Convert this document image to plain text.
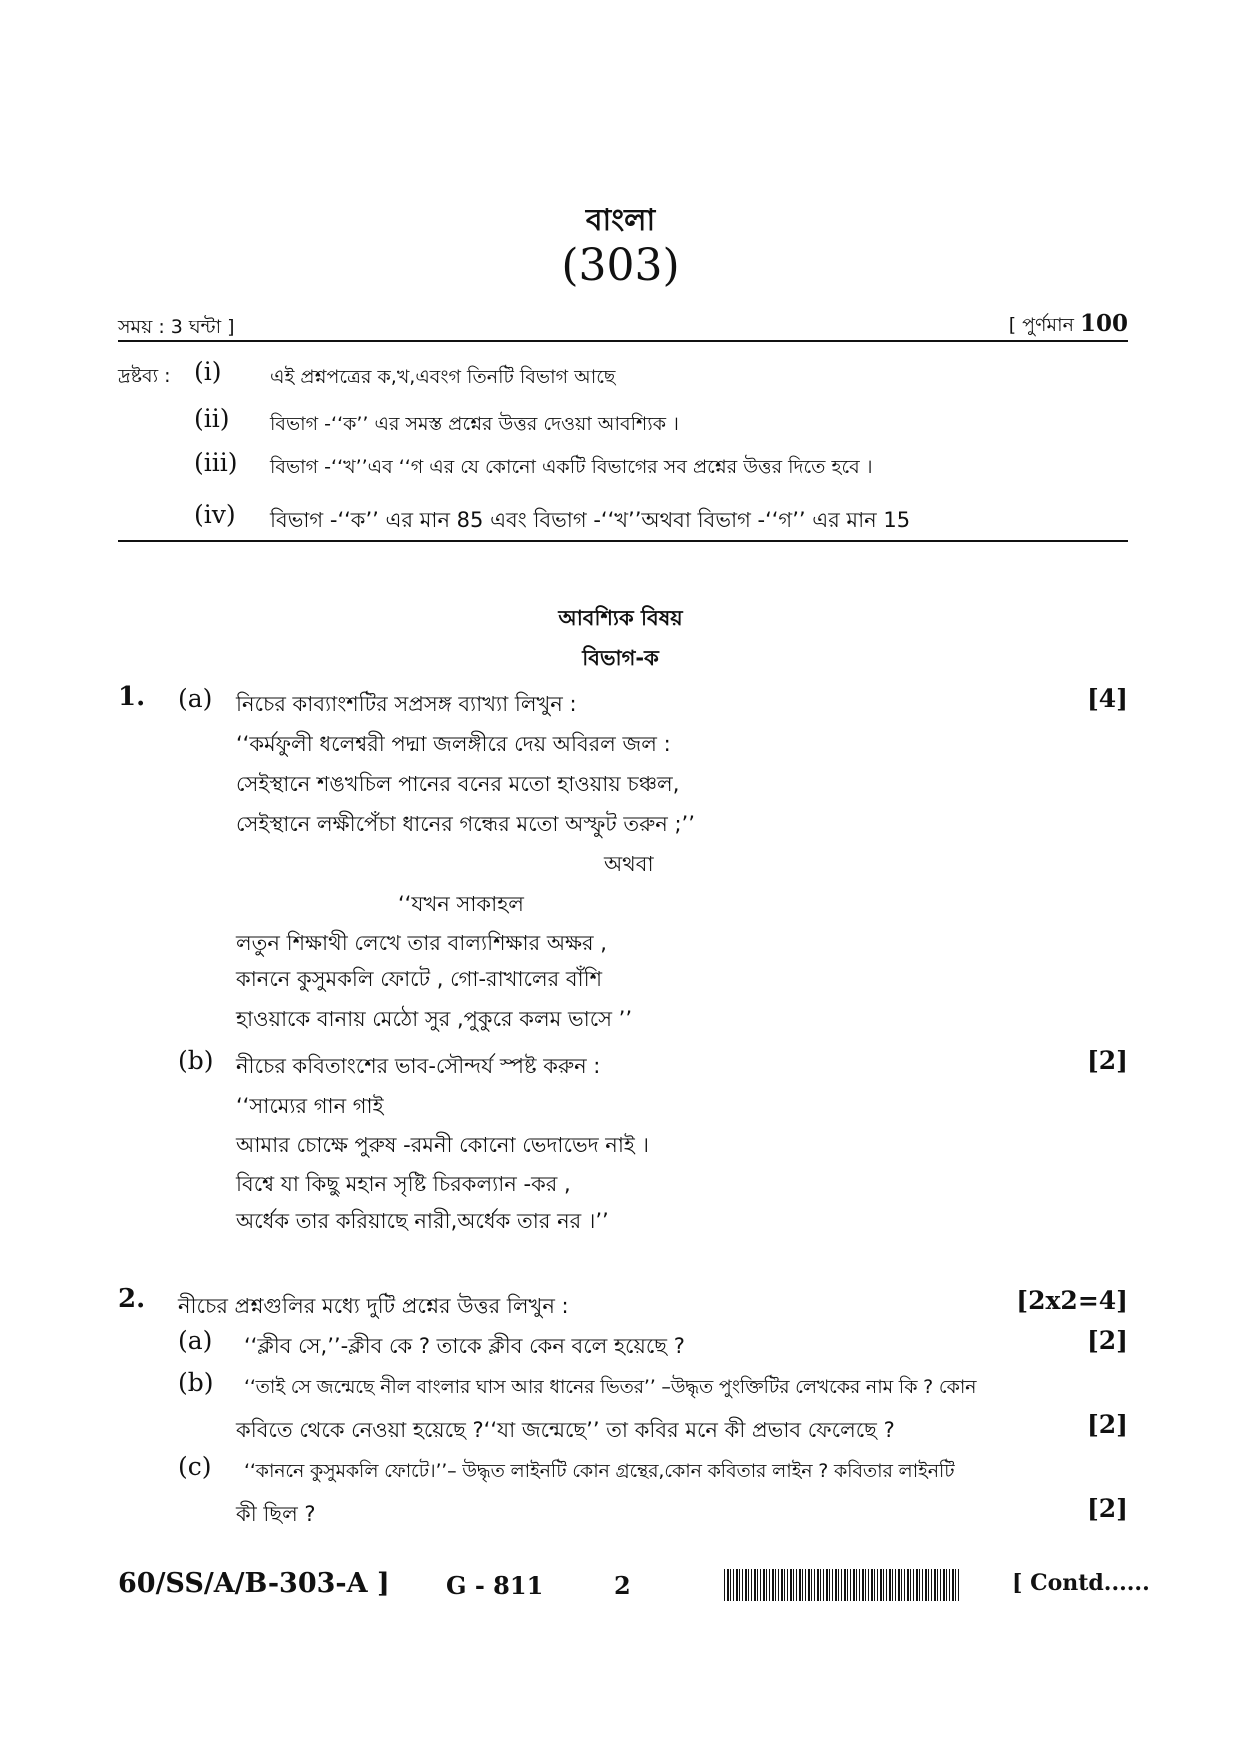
বাংলা
(303)
সময় : 3 ঘন্টা ]	[ পুর্ণমান 100
দ্রষ্টব্য : (i)	এই প্রশ্নপত্রের ক,খ,এবংগ তিনটি বিভাগ আছে
(ii) বিভাগ -‘‘ক’’ এর সমস্ত প্রশ্নের উত্তর দেওয়া আবশ্যিক ।
(iii) বিভাগ -‘‘খ’’এব ‘‘গ এর যে কোনো একটি বিভাগের সব প্রশ্নের উত্তর দিতে হবে ।
(iv) বিভাগ -‘‘ক’’ এর মান 85 এবং বিভাগ -‘‘খ’’অথবা বিভাগ -‘‘গ’’ এর মান 15
আবশ্যিক বিষয়
বিভাগ-ক
1. (a) নিচের কাব্যাংশটির সপ্রসঙ্গ ব্যাখ্যা লিখুন :	[4]
‘‘কর্মফুলী ধলেশ্বরী পদ্মা জলঙ্গীরে দেয় অবিরল জল :
সেইস্থানে শঙখচিল পানের বনের মতো হাওয়ায় চঞ্চল,
সেইস্থানে লক্ষীপেঁচা ধানের গন্ধের মতো অস্ফুট তরুন ;’’
অথবা
‘‘যখন সাকাহল
লতুন শিক্ষাথী লেখে তার বাল্যশিক্ষার অক্ষর ,
কাননে কুসুমকলি ফোটে , গো-রাখালের বাঁশি
হাওয়াকে বানায় মেঠো সুর ,পুকুরে কলম ভাসে ’’
(b) নীচের কবিতাংশের ভাব-সৌন্দর্য স্পষ্ট করুন :	[2]
‘‘সাম্যের গান গাই
আমার চোক্ষে পুরুষ -রমনী কোনো ভেদাভেদ নাই ।
বিশ্বে যা কিছু মহান সৃষ্টি চিরকল্যান -কর ,
অর্ধেক তার করিয়াছে নারী,অর্ধেক তার নর ।’’
2. নীচের প্রশ্নগুলির মধ্যে দুটি প্রশ্নের উত্তর লিখুন :	[2x2=4]
(a) ‘‘ক্লীব সে,’’-ক্লীব কে ? তাকে ক্লীব কেন বলে হয়েছে ?	[2]
(b) ‘‘তাই সে জন্মেছে নীল বাংলার ঘাস আর ধানের ভিতর’’ –উদ্ধৃত পুংক্তিটির লেখকের নাম কি ? কোন
কবিতে থেকে নেওয়া হয়েছে ?‘‘যা জন্মেছে’’ তা কবির মনে কী প্রভাব ফেলেছে ?	[2]
(c) ‘‘কাননে কুসুমকলি ফোটে।’’– উদ্ধৃত লাইনটি কোন গ্রন্থের,কোন কবিতার লাইন ? কবিতার লাইনটি
কী ছিল ?	[2]
60/SS/A/B-303-A ] G - 811	2	[ Contd......
